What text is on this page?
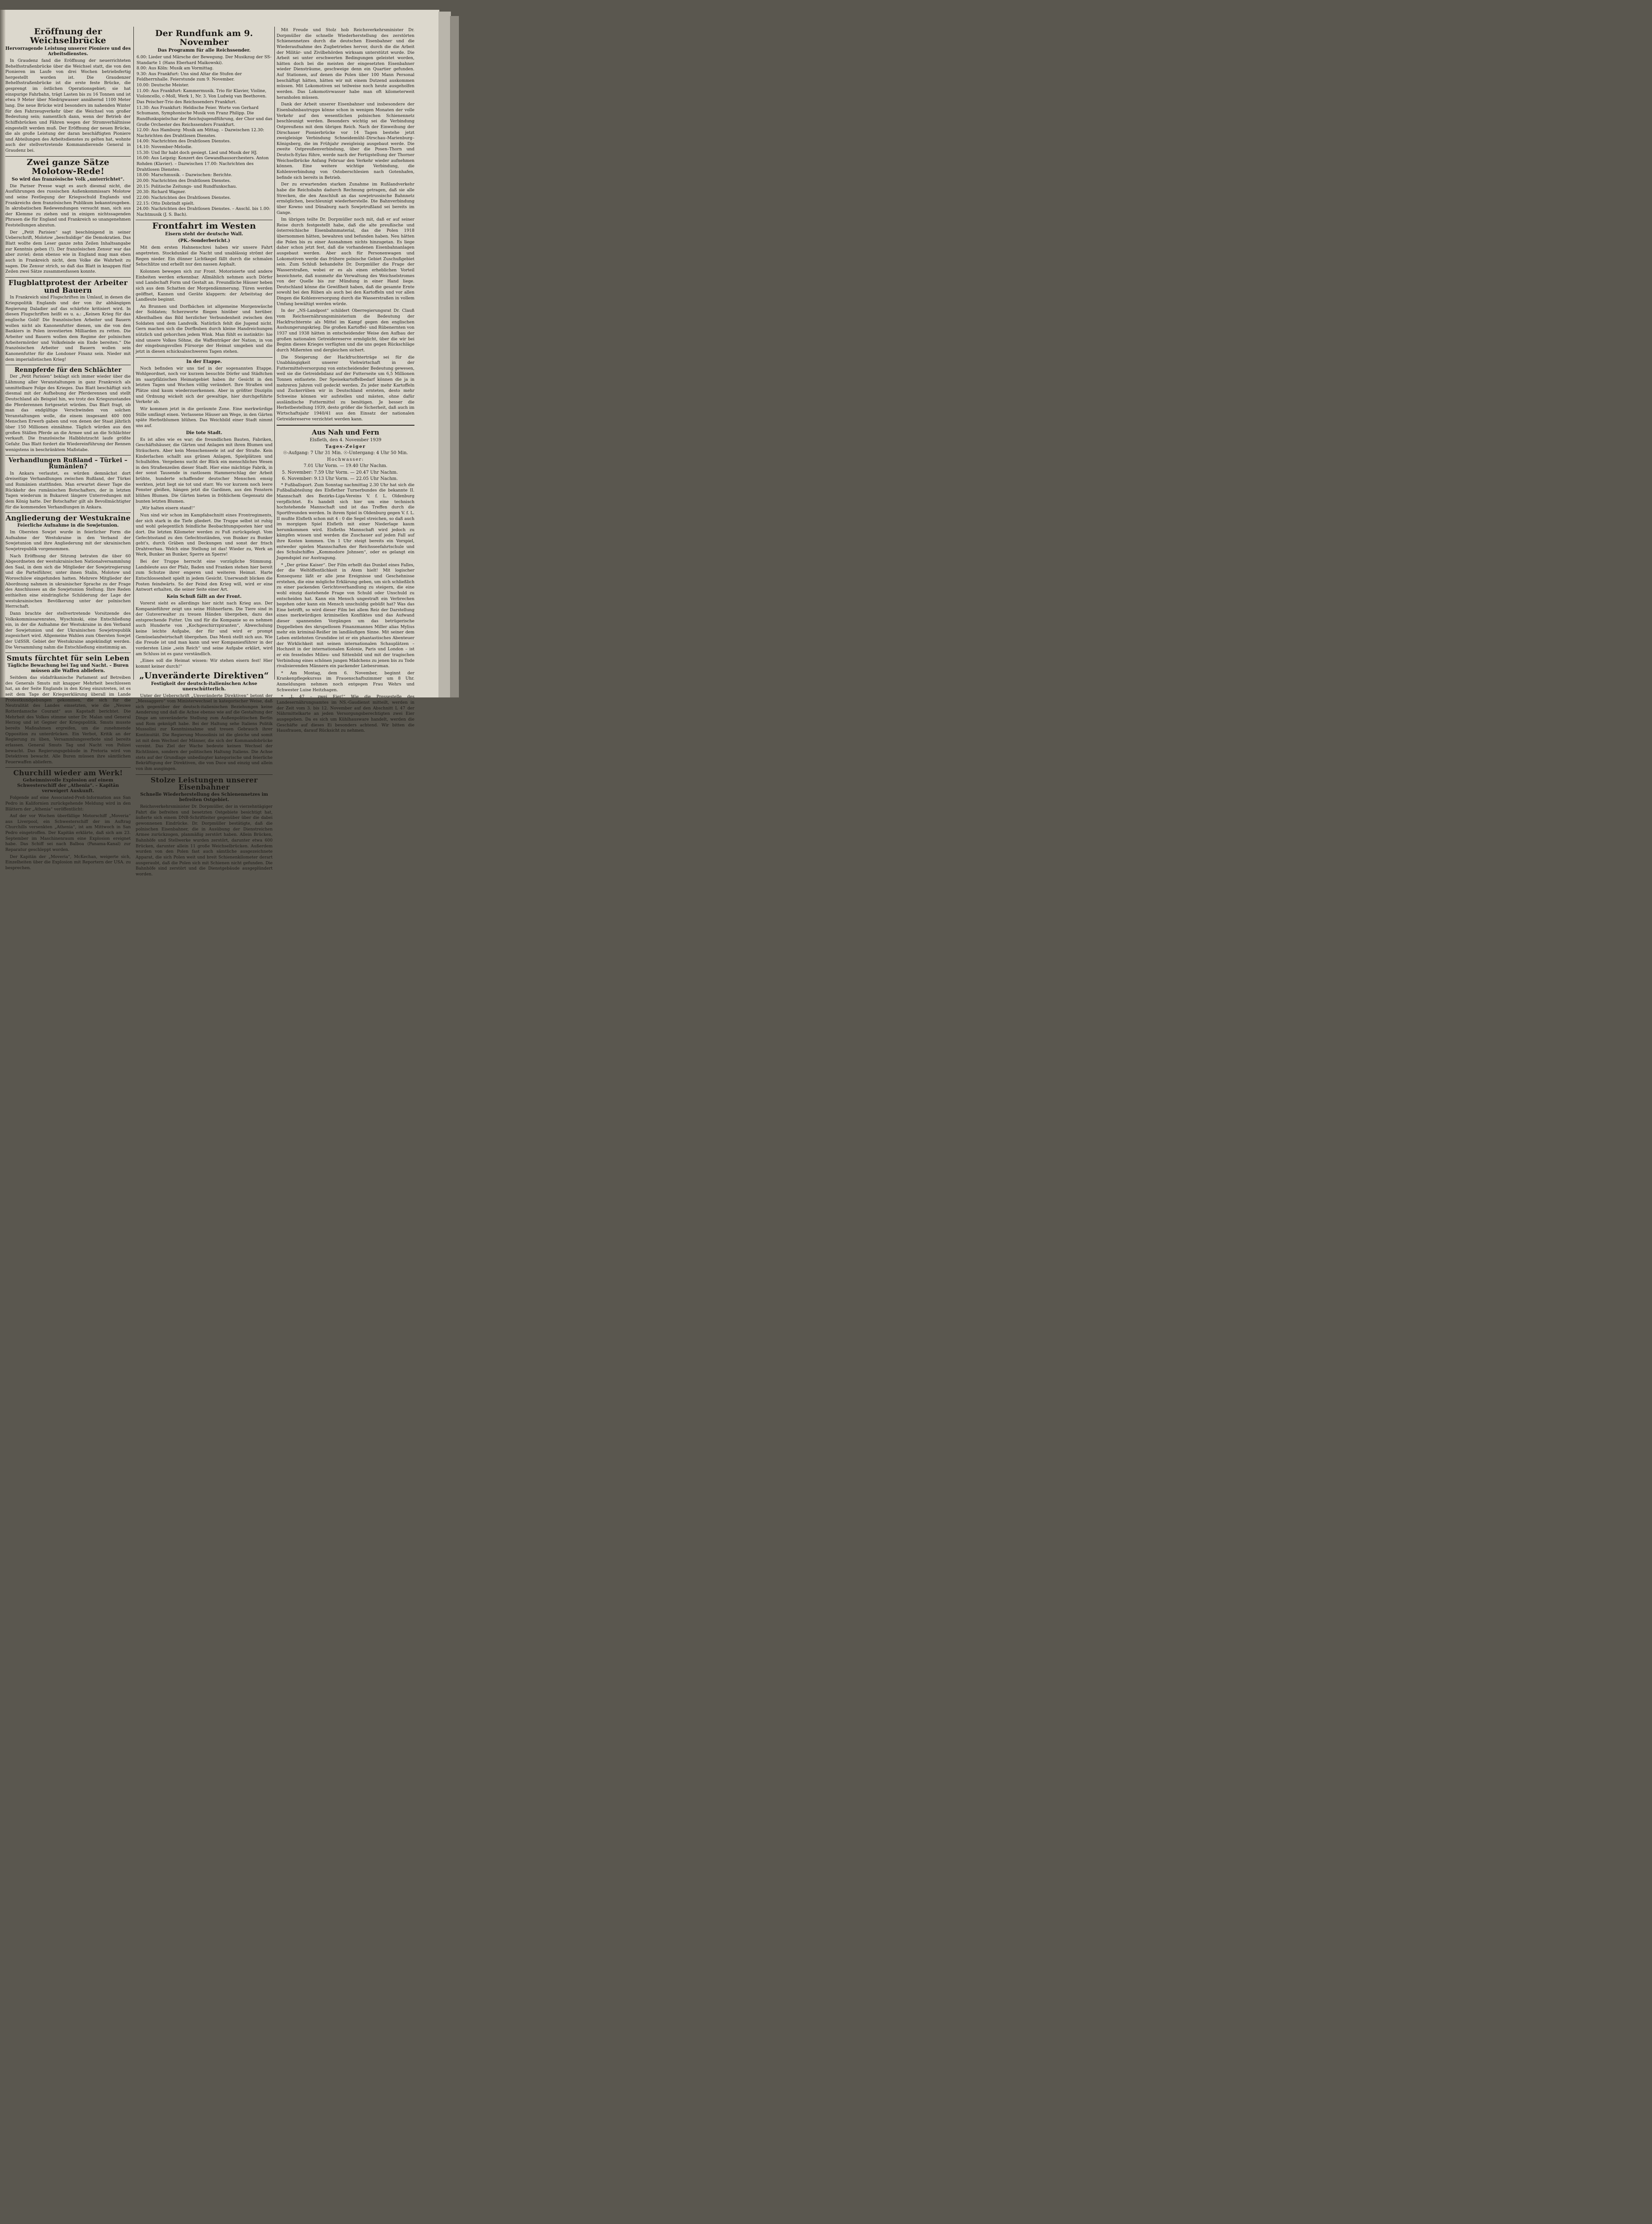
Eröffnung der Weichselbrücke
Hervorragende Leistung unserer Pioniere und des Arbeitsdienstes.

In Graudenz fand die Eröffnung der neuerrichteten Behelfsstraßenbrücke über die Weichsel statt, die von den Pionieren im Laufe von drei Wochen betriebsfertig hergestellt worden ist. Die Graudenzer Behelfsstraßenbrücke ist die erste feste Brücke, die gesprengt im östlichen Operationsgebiet; sie hat einspurige Fahrbahn, trägt Lasten bis zu 16 Tonnen und ist etwa 9 Meter über Niedrigwasser annähernd 1100 Meter lang. Die neue Brücke wird besonders im nahenden Winter für den Fahrzeugverkehr über die Weichsel von großer Bedeutung sein; namentlich dann, wenn der Betrieb der Schiffsbrücken und Fähren wegen der Stromverhältnisse eingestellt werden muß. Der Eröffnung der neuen Brücke, die als große Leistung der daran beschäftigten Pioniere und Abteilungen des Arbeitsdienstes zu gelten hat, wohnte auch der stellvertretende Kommandierende General in Graudenz bei.

Zwei ganze Sätze Molotow-Rede!
So wird das französische Volk „unterrichtet“.

Die Pariser Presse wagt es auch diesmal nicht, die Ausführungen des russischen Außenkommissars Molotow und seine Festlegung der Kriegsschuld Englands und Frankreichs dem französischen Publikum bekanntzugeben. In akrobatischen Redewendungen versucht man, sich aus der Klemme zu ziehen und in einigen nichtssagenden Phrasen die für England und Frankreich so unangenehmen Feststellungen abzutun.

Der „Petit Parisien“ sagt beschönigend in seiner Ueberschrift, Molotow „beschuldige“ die Demokratien. Das Blatt wollte dem Leser ganze zehn Zeilen Inhaltsangabe zur Kenntnis geben (!). Der französischen Zensur war das aber zuviel; denn ebenso wie in England mag man eben auch in Frankreich nicht, dem Volke die Wahrheit zu sagen. Die Zensur strich, so daß das Blatt in knappen fünf Zeilen zwei Sätze zusammenfassen konnte.

Flugblattprotest der Arbeiter und Bauern

In Frankreich sind Flugschriften im Umlauf, in denen die Kriegspolitik Englands und der von ihr abhängigen Regierung Daladier auf das schärfste kritisiert wird. In diesen Flugschriften heißt es u. a.: „Keinen Krieg für das englische Gold! Die französischen Arbeiter und Bauern wollen nicht als Kanonenfutter dienen, um die von den Bankiers in Polen investierten Milliarden zu retten. Die Arbeiter und Bauern wollen dem Regime der polnischen Arbeitermörder und Volksfeinde ein Ende bereiten.“ Die französischen Arbeiter und Bauern wollen sein Kanonenfutter für die Londoner Finanz sein. Nieder mit dem imperialistischen Krieg!

Rennpferde für den Schlächter

Der „Petit Parisien“ beklagt sich immer wieder über die Lähmung aller Veranstaltungen in ganz Frankreich als unmittelbare Folge des Krieges. Das Blatt beschäftigt sich diesmal mit der Aufhebung der Pferderennen und stellt Deutschland als Beispiel hin, wo trotz des Kriegszustandes die Pferderennen fortgesetzt würden. Das Blatt fragt, ob man das endgültige Verschwinden von solchen Veranstaltungen wolle, die einem insgesamt 400 000 Menschen Erwerb gaben und von denen der Staat jährlich über 150 Millionen einnähme. Täglich würden aus den großen Ställen Pferde an die Armee und an die Schlächter verkauft. Die französische Halbblutzucht laufe größte Gefahr. Das Blatt fordert die Wiedereinführung der Rennen wenigstens in beschränktem Maßstabe.

Verhandlungen Rußland – Türkei – Rumänien?

In Ankara verlautet, es würden demnächst dort dreiseitige Verhandlungen zwischen Rußland, der Türkei und Rumänien stattfinden. Man erwartet dieser Tage die Rückkehr des rumänischen Botschafters, der in letzten Tagen wiederum in Bukarest längere Unterredungen mit dem König hatte. Der Botschafter gilt als Bevollmächtigter für die kommenden Verhandlungen in Ankara.

Angliederung der Westukraine
Feierliche Aufnahme in die Sowjetunion.

Im Obersten Sowjet wurde in feierlicher Form die Aufnahme der Westukraine in den Verband der Sowjetunion und ihre Angliederung mit der ukrainischen Sowjetrepublik vorgenommen.

Nach Eröffnung der Sitzung betraten die über 60 Abgeordneten der westukrainischen Nationalversammlung den Saal, in dem sich die Mitglieder der Sowjetregierung und die Parteiführer, unter ihnen Stalin, Molotow und Woroschilow eingefunden hatten. Mehrere Mitglieder der Abordnung nahmen in ukrainischer Sprache zu der Frage des Anschlusses an die Sowjetunion Stellung. Ihre Reden enthielten eine eindringliche Schilderung der Lage der westukrainischen Bevölkerung unter der polnischen Herrschaft.

Dann brachte der stellvertretende Vorsitzende des Volkskommissarenrates, Wyschinski, eine Entschließung ein, in der die Aufnahme der Westukraine in den Verband der Sowjetunion und der Ukrainischen Sowjetrepublik zugesichert wird. Allgemeine Wahlen zum Obersten Sowjet der UdSSR. Gebiet der Westukraine angekündigt werden. Die Versammlung nahm die Entschließung einstimmig an.

Smuts fürchtet für sein Leben
Tägliche Bewachung bei Tag und Nacht. – Buren müssen alle Waffen abliefern.

Seitdem das südafrikanische Parlament auf Betreiben des Generals Smuts mit knapper Mehrheit beschlossen hat, an der Seite Englands in den Krieg einzutreten, ist es seit dem Tage der Kriegserklärung überall im Lande Protestkundgebungen gekommen, die sich für die Neutralität des Landes einsetzten, wie die „Neuwe Rotterdamsche Courant“ aus Kapstadt berichtet. Die Mehrheit des Volkes stimme unter Dr. Malan und General Herzog und ist Gegner der Kriegspolitik. Smuts musste bereits Maßnahmen ergreifen, um die zunehmende Opposition zu unterdrücken. Ein Verbot, Kritik an der Regierung zu üben, Versammlungsverbote sind bereits erlassen. General Smuts Tag und Nacht von Polizei bewacht. Das Regierungsgebäude in Pretoria wird von Detektiven bewacht. Alle Buren müssen ihre sämtlichen Feuerwaffen abliefern.

Churchill wieder am Werk!
Geheimnisvolle Explosion auf einem Schwesterschiff der „Athenia“. – Kapitän verweigert Auskunft.

Folgende auf eine Associated-Preß-Information aus San Pedro in Kalifornien zurückgehende Meldung wird in den Blättern der „Athenia“ veröffentlicht:

Auf der vor Wochen überfällige Motorschiff „Moveria“ aus Liverpool, ein Schwesterschiff der im Auftrag Churchills versenkten „Athenia“, ist am Mittwoch in San Pedro eingetroffen. Der Kapitän erklärte, daß sich am 23. September im Maschinenraum eine Explosion ereignet habe. Das Schiff sei nach Balboa (Panama-Kanal) zur Reparatur geschleppt worden.

Der Kapitän der „Moveria“, McKechan, weigerte sich, Einzelheiten über die Explosion mit Reportern der USA. zu besprechen.

Der Rundfunk am 9. November
Das Programm für alle Reichssender.

6.00: Lieder und Märsche der Bewegung. Der Musikzug der SS-Standarte 1 (Hans Eberhard Maikowski).

8.00: Aus Köln: Musik am Vormittag.

9.30: Aus Frankfurt: Uns sind Altar die Stufen der Feldherrnhalle. Feierstunde zum 9. November.

10.00: Deutsche Meister.

11.00: Aus Frankfurt: Kammermusik. Trio für Klavier, Violine, Violoncello, c-Moll, Werk 1, Nr. 3. Von Ludwig van Beethoven. Das Peischer-Trio des Reichssenders Frankfurt.

11.30: Aus Frankfurt: Heldische Feier. Worte von Gerhard Schumann, Symphonische Musik von Franz Philipp. Die Rundfunkspielschar der Reichsjugendführung, der Chor und das Große Orchester des Reichssenders Frankfurt.

12.00: Aus Hamburg: Musik am Mittag. – Dazwischen 12.30: Nachrichten des Drahtlosen Dienstes.

14.00: Nachrichten des Drahtlosen Dienstes.

14.10: November-Melodie.

15.30: Und Ihr habt doch gesiegt. Lied und Musik der HJ.

16.00: Aus Leipzig: Konzert des Gewandhausorchesters. Anton Rohden (Klavier). – Dazwischen 17.00: Nachrichten des Drahtlosen Dienstes.

18.00: Marschmusik. – Dazwischen: Berichte.

20.00: Nachrichten des Drahtlosen Dienstes.

20.15: Politische Zeitungs- und Rundfunkschau.

20.30: Richard Wagner.

22.00: Nachrichten des Drahtlosen Dienstes.

22.15: Otto Dobrindt spielt.

24.00: Nachrichten des Drahtlosen Dienstes. – Anschl. bis 1.00: Nachtmusik (J. S. Bach).

Frontfahrt im Westen
Eisern steht der deutsche Wall.
(PK.-Sonderbericht.)

Mit dem ersten Hahnenschrei haben wir unsere Fahrt angetreten. Stockdunkel die Nacht und unablässig strömt der Regen nieder. Ein dünner Lichtkegel fällt durch die schmalen Sehschlitze und erhellt nur den nassen Asphalt.

Kolonnen bewegen sich zur Front. Motorisierte und andere Einheiten werden erkennbar. Allmählich nehmen auch Dörfer und Landschaft Form und Gestalt an. Freundliche Häuser heben sich aus dem Schatten der Morgendämmerung. Türen werden geöffnet, Kannen und Geräte klappern: der Arbeitstag der Landleute beginnt.

An Brunnen und Dorfbächen ist allgemeine Morgenwäsche der Soldaten; Scherzworte fliegen hinüber und herüber. Allenthalben das Bild herzlicher Verbundenheit zwischen den Soldaten und dem Landvolk. Natürlich fehlt die Jugend nicht. Gern machen sich die Dorfbuben durch kleine Handreichungen nützlich und gehorchen jedem Wink. Man fühlt es instinktiv: hie sind unsere Volkes Söhne, die Waffenträger der Nation, in von der eingebungsvollen Fürsorge der Heimat umgeben und die jetzt in diesen schicksalsschweren Tagen stehen.

In der Etappe.

Noch befinden wir uns tief in der sogenannten Etappe. Wohlgeordnet, noch vor kurzem besuchte Dörfer und Städtchen im saarpfälzischen Heimatgebiet haben ihr Gesicht in den letzten Tagen und Wochen völlig verändert. Ihre Straßen und Plätze sind kaum wiederzuerkennen. Aber in größter Disziplin und Ordnung wickelt sich der gewaltige, hier durchgeführte Verkehr ab.

Wir kommen jetzt in die geräumte Zone. Eine merkwürdige Stille umfängt einen. Verlassene Häuser am Wege, in den Gärten späte Herbstblumen blühen. Das Weichbild einer Stadt nimmt uns auf.

Die tote Stadt.

Es ist alles wie es war; die freundlichen Bauten, Fabriken, Geschäftshäuser, die Gärten und Anlagen mit ihren Blumen und Sträuchern. Aber kein Menschenseele ist auf der Straße. Kein Kinderlachen schallt aus grünen Anlagen, Spielplätzen und Schulhöfen. Vergebens sucht der Blick ein menschliches Wesen in den Straßenzeilen dieser Stadt. Hier eine mächtige Fabrik, in der sonst Tausende in rastlosem Hammerschlag der Arbeit brühte, hunderte schaffender deutscher Menschen emsig werkten, jetzt liegt sie tot und starr. Wo vor kurzem noch leere Fenster gleißen, hängen jetzt die Gardinen, aus den Fenstern blühen Blumen. Die Gärten bieten in fröhlichem Gegensatz die bunten letzten Blumen.

„Wir halten eisern stand!“

Nun sind wir schon im Kampfabschnitt eines Frontregiments, der sich stark in die Tiefe gliedert. Die Truppe selbst ist ruhig und wohl gelegentlich feindliche Beobachtungsposten hier und dort. Die letzten Kilometer werden zu Fuß zurückgelegt. Vom Gefechtsstand zu den Gefechtsständen, von Bunker zu Bunker geht's, durch Gräben und Deckungen und sonst der frisch Drahtverhau. Welch eine Stellung ist das! Wieder zu, Werk an Werk, Bunker an Bunker, Sperre an Sperre!

Bei der Truppe herrscht eine vorzügliche Stimmung. Landsleute aus der Pfalz, Baden und Franken stehen hier bereit zum Schutze ihrer engeren und weiteren Heimat. Harte Entschlossenheit spielt in jedem Gesicht. Unerwandt blicken die Posten feindwärts. So der Feind den Krieg will, wird er eine Antwort erhalten, die seiner Seite einer Art.

Kein Schuß fällt an der Front.

Vorerst sieht es allerdings hier nicht nach Krieg aus. Der Kompanieführer zeigt uns seine Hühnerfarm. Die Tiere sind in der Gutsverwalter zu treuen Händen übergeben, dazu das entsprechende Futter. Um und für die Kompanie so es nehmen auch Hunderte von „Kochgeschirrzpiranten“, Abwechslung keine leichte Aufgabe, der für und wird er prompt Gemüselandwirtschaft übergehen. Das Menü stellt sich aus. Wie die Freude ist und man kann und wer Kompaniesführer in der vordersten Linie „sein Reich“ und seine Aufgabe erklärt, wird am Schluss ist es ganz verständlich.

„Eines soll die Heimat wissen: Wir stehen eisern fest! Hier kommt keiner durch!“

„Unveränderte Direktiven“
Festigkeit der deutsch-italienischen Achse unerschütterlich.

Unter der Ueberschrift „Unveränderte Direktiven“ betont der „Messaggero“ vom Ministerwechsel in kategorischer Weise, daß sich gegenüber der deutsch-italienischen Beziehungen keine Aenderung und daß die Achse ebenso wie auf die Gestaltung der Dinge am unveränderte Stellung zum Außenpolitischen Berlin und Rom geknüpft habe. Bei der Haltung sehe Italiens Politik Mussolini zur Kenntnisnahme und treuen Gebrauch ihrer Kontinuität. Die Regierung Mussolinis ist die gleiche und somit ist mit dem Wechsel der Männer, die sich der Kommandobrücke vereint. Das Ziel der Wache bedeute keinen Wechsel der Richtlinien, sondern der politischen Haltung Italiens. Die Achse stets auf der Grundlage unbedingter kategorische und feierliche Bekräftigung der Direktiven, die von Duce und einzig und allein von ihm ausgingen.

Stolze Leistungen unserer Eisenbahner
Schnelle Wiederherstellung des Schienennetzes im befreiten Ostgebiet.

Reichsverkehrsminister Dr. Dorpmüller, der in vierzehntägiger Fahrt die befreiten und besetzten Ostgebiete besichtigt hat, äußerte sich einem DNB-Schriftleiter gegenüber über die dabei gewonnenen Eindrücke. Dr. Dorpmüller bestätigte, daß die polnischen Eisenbahner, die in Ausübung der Dienstreichen Armee zurückzogen, planmäßig zerstört haben. Allein Brücken, Bahnhöfe und Stellwerke wurden zerstört, darunter etwa 600 Brücken, darunter allein 11 große Weichselbrücken. Außerdem wurden von den Polen fast auch sämtliche ausgezeichnete Apparat, die sich Polen weit und breit Schienenkilometer derart ausgeraubt, daß die Polen sich mit Schienen nicht gefunden. Die Bahnhöfe sind zerstört und die Dienstgebäude ausgeplündert worden.

Mit Freude und Stolz hob Reichsverkehrsminister Dr. Dorpmüller die schnelle Wiederherstellung des zerstörten Schienennetzes durch die deutschen Eisenbahner und die Wiederaufnahme des Zugbetriebes hervor, durch die die Arbeit der Militär- und Zivilbehörden wirksam unterstützt wurde. Die Arbeit sei unter erschwerten Bedingungen geleistet worden, hätten doch bei die meisten der eingesetzten Eisenbahner wieder Diensträume, geschweige denn ein Quartier gefunden. Auf Stationen, auf denen die Polen über 100 Mann Personal beschäftigt hätten, hätten wir mit einem Dutzend auskommen müssen. Mit Lokomotiven sei teilweise noch heute ausgeholfen werden. Das Lokomotivwasser habe man oft kilometerweit heranholen müssen.

Dank der Arbeit unserer Eisenbahner und insbesondere der Eisenbahnbautrupps könne schon in wenigen Monaten der volle Verkehr auf den wesentlichen polnischen Schienennetz beschleunigt werden. Besonders wichtig sei die Verbindung Ostpreußens mit dem übrigen Reich. Nach der Einweihung der Dirschauer Pionierbrücke vor 14 Tagen bestehe jetzt zweigleisige Verbindung Schneidemühl–Dirschau–Marienburg–Königsberg, die im Frühjahr zweigleisig ausgebaut werde. Die zweite Ostpreußenverbindung, über die Posen–Thorn und Deutsch-Eylau führe, werde nach der Fertigstellung der Thorner Weichselbrücke Anfang Februar den Verkehr wieder aufnehmen können. Eine weitere wichtige Verbindung, die Kohlenverbindung von Ostoberschlesien nach Gotenhafen, befinde sich bereits in Betrieb.

Der zu erwartenden starken Zunahme im Rußlandverkehr habe die Reichsbahn dadurch Rechnung getragen, daß sie alle Strecken, die den Anschluß an das sowjetrussische Bahnnetz ermöglichen, beschleunigt wiederherstelle. Die Bahnverbindung über Kowno und Dünaburg nach Sowjetrußland sei bereits im Gange.

Im übrigen teilte Dr. Dorpmüller noch mit, daß er auf seiner Reise durch festgestellt habe, daß die alte preußische und österreichische Eisenbahnmaterial, das die Polen 1918 übernommen hätten, bewahren und befunden haben. Neu hätten die Polen bis zu einer Ausnahmen nichts hinzugetan. Es liege daher schon jetzt fest, daß die vorhandenen Eisenbahnanlagen ausgebaut werden. Aber auch für Personenwagen und Lokomotiven werde das frühere polnische Gebiet Zuschußgebiet sein. Zum Schluß behandelte Dr. Dorpmüller die Frage der Wasserstraßen, wobei er es als einen erheblichen Vorteil bezeichnete, daß nunmehr die Verwaltung des Weichselstromes von der Quelle bis zur Mündung in einer Hand liege. Deutschland könne die Gewißheit haben, daß die gesamte Ernte sowohl bei den Rüben als auch bei den Kartoffeln und vor allen Dingen die Kohlenversorgung durch die Wasserstraßen in vollem Umfang bewältigt werden würde.

In der „NS-Landpost“ schildert Oberregierungsrat Dr. Clauß vom Reichsernährungsministerium die Bedeutung der Hackfruchternte als Mittel im Kampf gegen den englischen Aushungerungskrieg. Die großen Kartoffel- und Rübenernten von 1937 und 1938 hätten in entscheidender Weise den Aufbau der großen nationalen Getreidereserve ermöglicht, über die wir bei Beginn dieses Krieges verfügten und die uns gegen Rückschläge durch Mißernten und dergleichen sichert.

Die Steigerung der Hackfruchterträge sei für die Unabhängigkeit unserer Viehwirtschaft in der Futtermittelversorgung von entscheidender Bedeutung gewesen, weil sie die Getreidebilanz auf der Futterseite um 6,5 Millionen Tonnen entlastete. Der Speisekartoffelbedarf können die ja in mehreren Jahren voll gedeckt werden. Zu jeder mehr Kartoffeln und Zuckerrüben wir in Deutschland ernteten, desto mehr Schweine können wir aufstellen und mästen, ohne dafür ausländische Futtermittel zu benötigen. Je besser die Herbstbestellung 1939, desto größer die Sicherheit, daß auch im Wirtschaftsjahr 1940/41 aus den Einsatz der nationalen Getreidereserve verzichtet werden kann.

Aus Nah und Fern

Elsfleth, den 4. November 1939

Tages-Zeiger

☉-Aufgang: 7 Uhr 31 Min. ☉-Untergang: 4 Uhr 50 Min.

Hochwasser:

7.01 Uhr Vorm. — 19.40 Uhr Nachm.

5. November: 7.59 Uhr Vorm. — 20.47 Uhr Nachm.

6. November: 9.13 Uhr Vorm. — 22.05 Uhr Nachm.

* Fußballsport. Zum Sonntag nachmittag 2.30 Uhr hat sich die Fußballabteilung des Elsflether Turnerbundes die bekannte II. Mannschaft des Bezirks-Liga-Vereins V. f. L. Oldenburg verpflichtet. Es handelt sich hier um eine technisch hochstehende Mannschaft und ist das Treffen durch die Sportfreunden werden. In ihrem Spiel in Oldenburg gegen V. f. L. II mußte Elsfleth schon mit 4 : 0 die Segel streichen, so daß auch im morgigen Spiel Elsfleth mit einer Niederlage kaum herumkommen wird. Elsfleths Mannschaft wird jedoch zu kämpfen wissen und werden die Zuschauer auf jeden Fall auf ihre Kosten kommen. Um 1 Uhr steigt bereits ein Vorspiel, entweder spielen Mannschaften der Reichsseefahrtschule und des Schulschiffes „Kommodore Johnsen“, oder es gelangt ein Jugendspiel zur Austragung.

* „Der grüne Kaiser“. Der Film erhellt das Dunkel eines Falles, der die Weltöffentlichkeit in Atem hielt! Mit logischer Konsequenz läßt er alle jene Ereignisse und Geschehnisse erstehen, die eine mögliche Erklärung geben, um sich schließlich zu einer packenden Gerichtsverhandlung zu steigern, die eine wohl einzig dastehende Frage von Schuld oder Unschuld zu entscheiden hat. Kann ein Mensch ungestraft ein Verbrechen begehen oder kann ein Mensch unschuldig gebüßt hat? Was das Eine betrifft, so wird dieser Film bei allem Reiz der Darstellung eines merkwürdigen kriminellen Konfliktes und das Aufwand dieser spannenden Vorgängen um das betrügerische Doppelleben des skrupellosen Finanzmannes Miller alias Mylius mehr ein kriminal-Reißer im landläufigen Sinne. Mit seiner dem Leben entlehnten Grundidee ist er ein phantastisches Abenteuer der Wirklichkeit mit seinen internationalen Schauplätzen – Hochzeit in der internationalen Kolonie, Paris und London – ist er ein fesselndes Milieu- und Sittenbild und mit der tragischen Verbindung eines schönen jungen Mädchens zu jenen bis zu Tode rivalisierenden Männern ein packender Liebesroman.

* Am Montag, dem 6. November, beginnt der Krankenpflegekursus im Frauenschaftszimmer um 8 Uhr. Anmeldungen nehmen noch entgegen Frau Wehrs und Schwester Luise Heitzhagen.

* „L 47 – zwei Eier!“ Wie die Pressestelle des Landesernährungsamtes im NS.-Gaudienst mitteilt, werden in der Zeit vom 3. bis 12. November auf den Abschnitt L 47 der Nährmittelkarte an jeden Versorgungsberechtigten zwei Eier ausgegeben. Da es sich um Kühlhausware handelt, werden die Geschäfte auf dieses Ei besonders achtend. Wir bitten die Hausfrauen, darauf Rücksicht zu nehmen.
